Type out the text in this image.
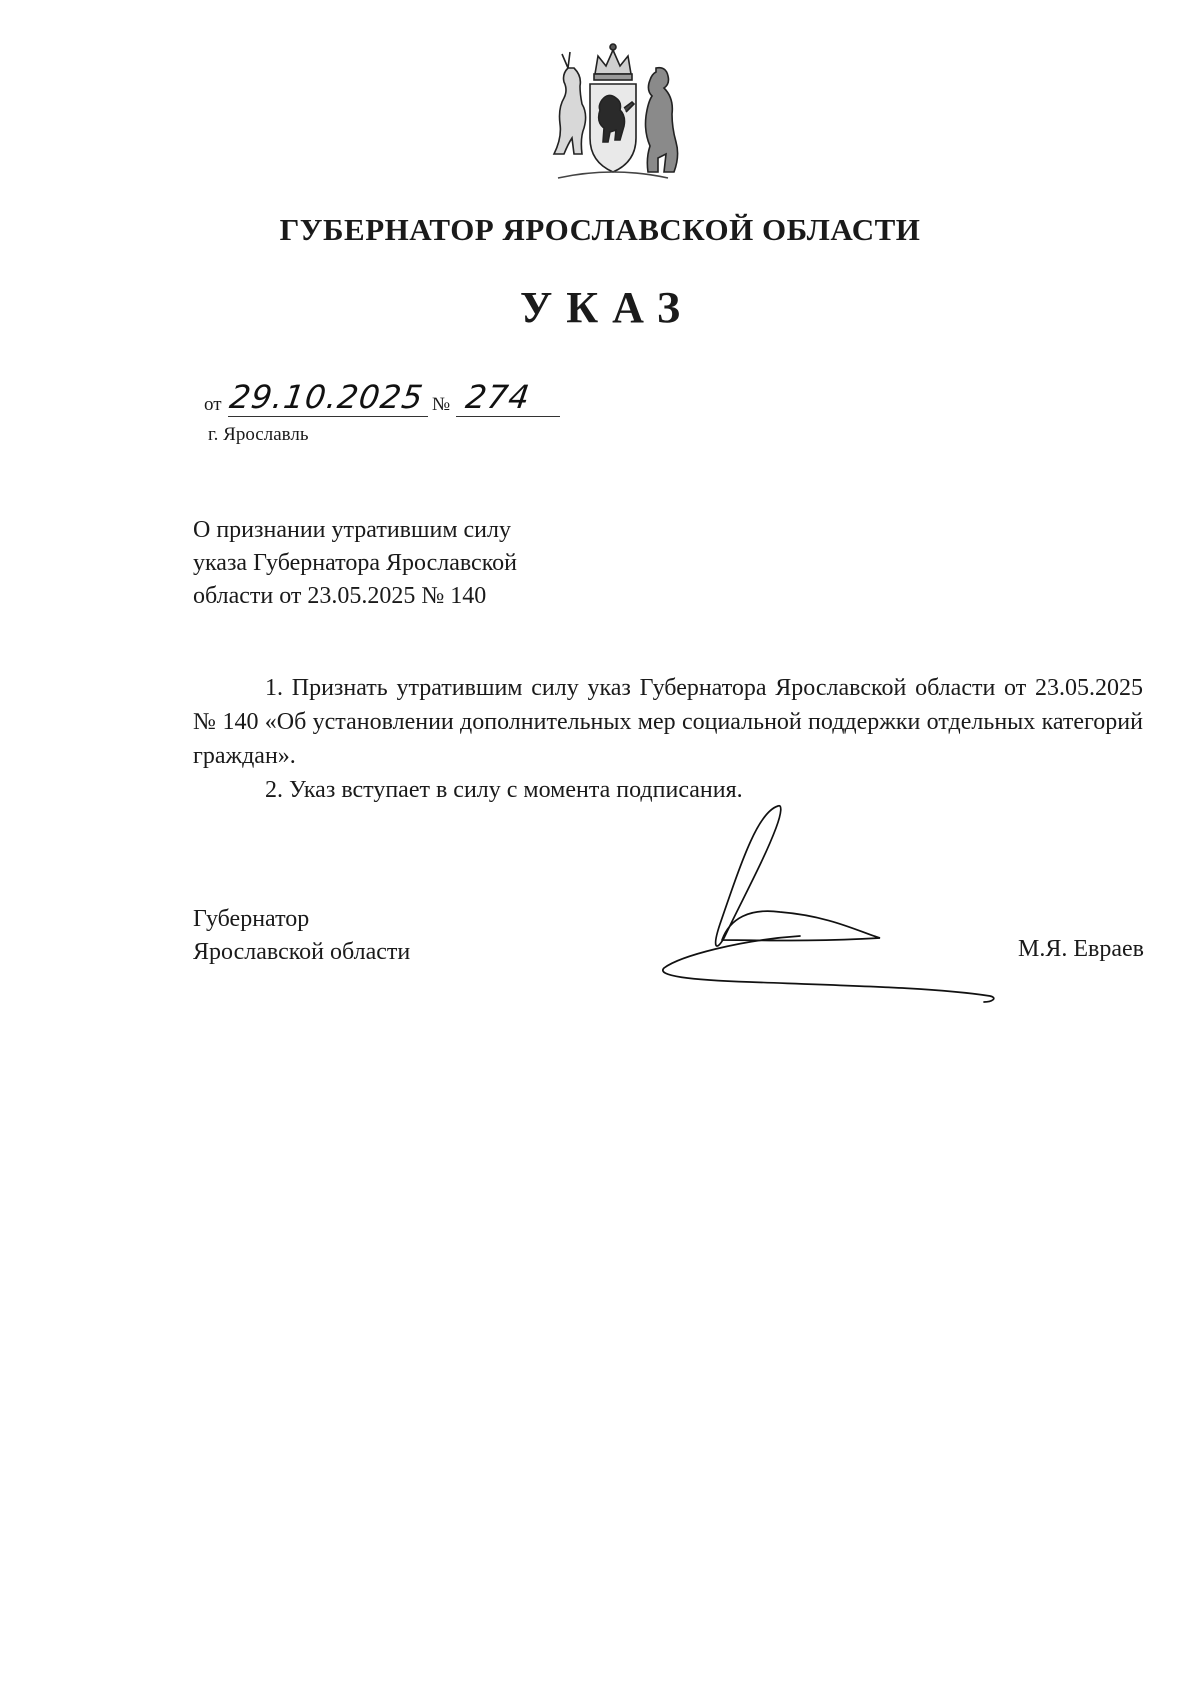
ГУБЕРНАТОР ЯРОСЛАВСКОЙ ОБЛАСТИ
УКАЗ
от 29.10.2025 № 274

г. Ярославль

О признании утратившим силу
указа Губернатора Ярославской
области от 23.05.2025 № 140

1. Признать утратившим силу указ Губернатора Ярославской области от 23.05.2025 № 140 «Об установлении дополнительных мер социальной поддержки отдельных категорий граждан».

2. Указ вступает в силу с момента подписания.

Губернатор
Ярославской области	М.Я. Евраев
